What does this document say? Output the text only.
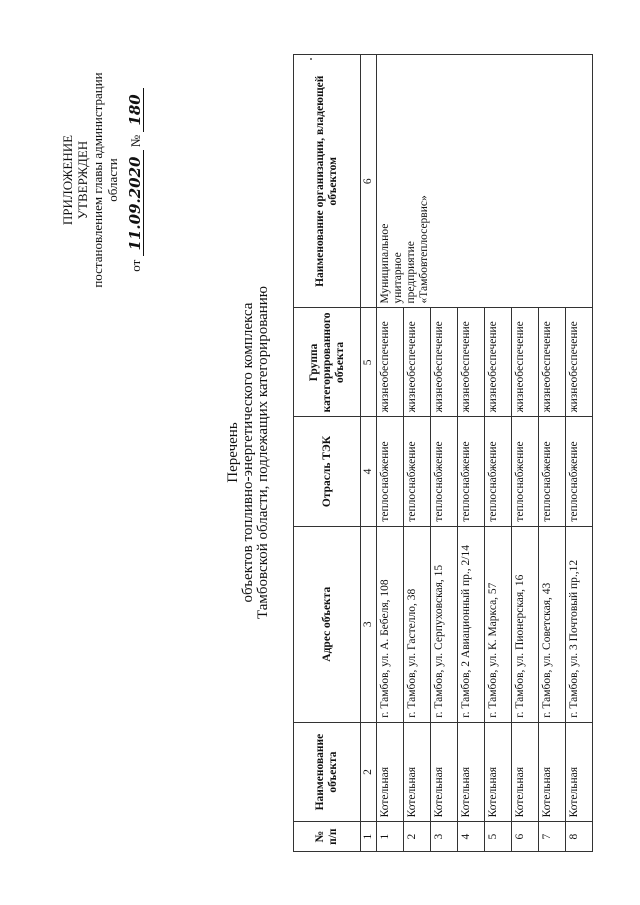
ПРИЛОЖЕНИЕ УТВЕРЖДЕН постановлением главы администрации области
от 11.09.2020 № 180
Перечень объектов топливно-энергетического комплекса Тамбовской области, подлежащих категорированию
№ п/п	Наименование объекта	Адрес объекта	Отрасль ТЭК	Группа категорированного объекта	Наименование организации, владеющей объектом
1	2	3	4	5	6
1	Котельная	г. Тамбов, ул. А. Бебеля, 108	теплоснабжение	жизнеобеспечение	Муниципальное унитарное предприятие «Тамбовтеплосервис»

2	Котельная	г. Тамбов, ул. Гастелло, 38	теплоснабжение	жизнеобеспечение	
3	Котельная	г. Тамбов, ул. Серпуховская, 15	теплоснабжение	жизнеобеспечение	
4	Котельная	г. Тамбов, 2 Авиационный пр., 2/14	теплоснабжение	жизнеобеспечение	
5	Котельная	г. Тамбов, ул. К. Маркса, 57	теплоснабжение	жизнеобеспечение	
6	Котельная	г. Тамбов, ул. Пионерская, 16	теплоснабжение	жизнеобеспечение	
7	Котельная	г. Тамбов, ул. Советская, 43	теплоснабжение	жизнеобеспечение	
8	Котельная	г. Тамбов, ул. 3 Почтовый пр.,12	теплоснабжение	жизнеобеспечение	
